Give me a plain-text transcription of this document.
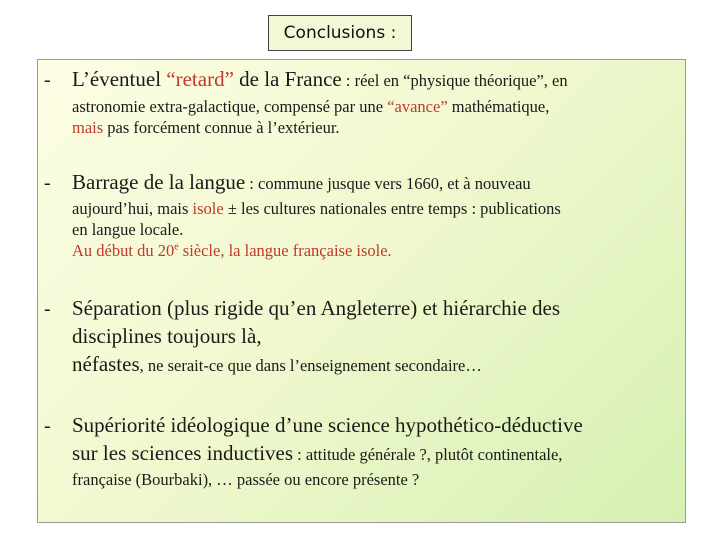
Conclusions :
- L’éventuel “retard” de la France : réel en “physique théorique”, en
astronomie extra-galactique, compensé par une “avance” mathématique,
mais pas forcément connue à l’extérieur.
- Barrage de la langue : commune jusque vers 1660, et à nouveau
aujourd’hui, mais isole ± les cultures nationales entre temps : publications
en langue locale.
Au début du 20e siècle, la langue française isole.
- Séparation (plus rigide qu’en Angleterre) et hiérarchie des
disciplines toujours là,
néfastes, ne serait-ce que dans l’enseignement secondaire…
- Supériorité idéologique d’une science hypothético-déductive
sur les sciences inductives : attitude générale ?, plutôt continentale,
française (Bourbaki), … passée ou encore présente ?
